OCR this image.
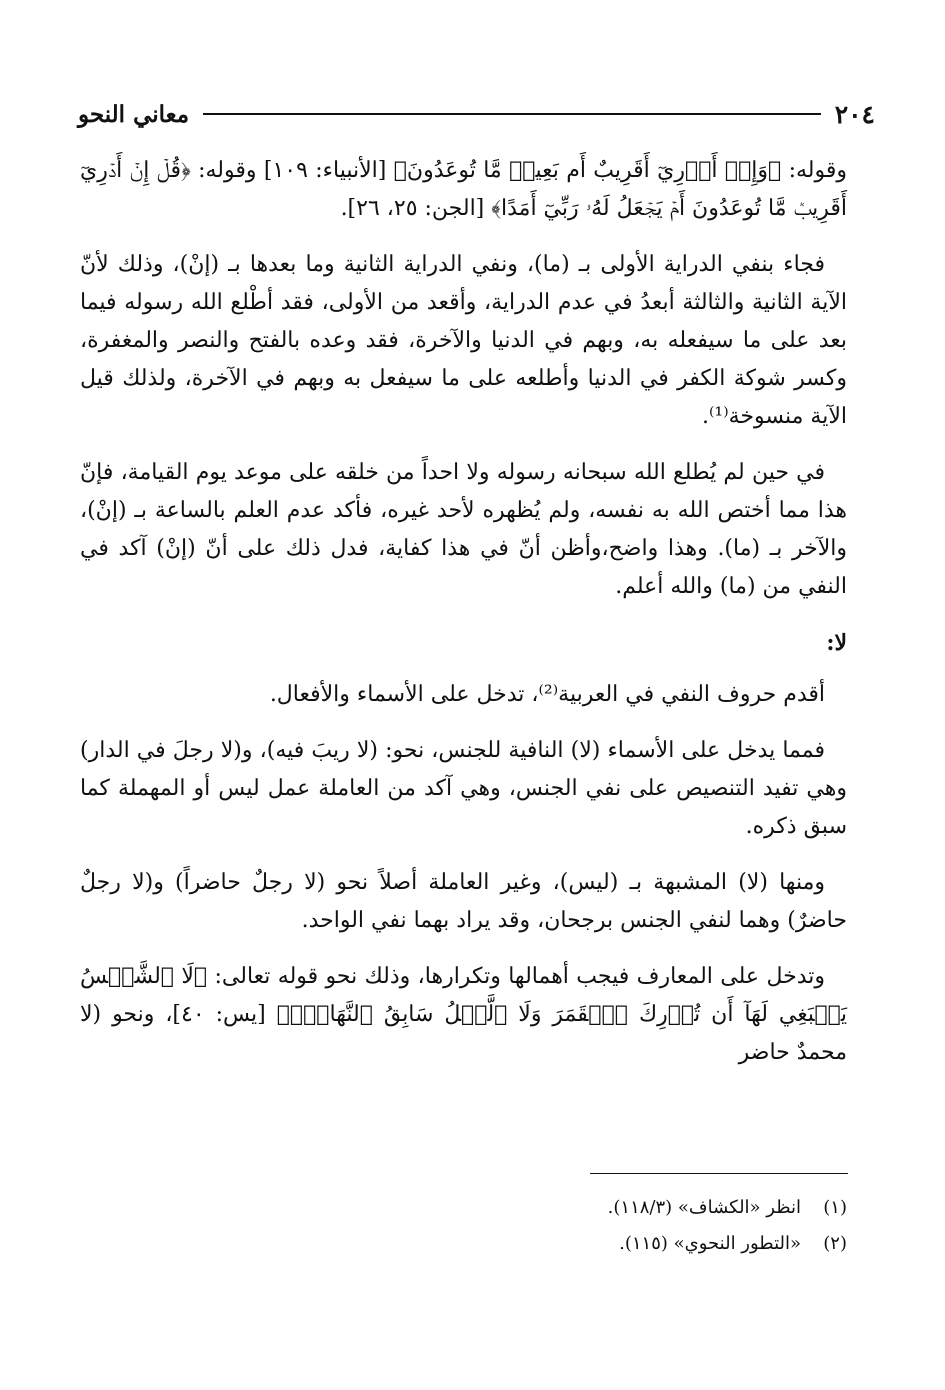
٢٠٤
معاني النحو

وقوله: ﴿وَإِنۡ أَدۡرِيٓ أَقَرِيبٌ أَم بَعِيدٞ مَّا تُوعَدُونَ﴾ [الأنبياء: ١٠٩] وقوله: ﴿قُلۡ إِنۡ أَدۡرِيٓ أَقَرِيبٞ مَّا تُوعَدُونَ أَمۡ يَجۡعَلُ لَهُۥ رَبِّيٓ أَمَدًا﴾ [الجن: ٢٥، ٢٦].

فجاء بنفي الدراية الأولى بـ (ما)، ونفي الدراية الثانية وما بعدها بـ (إنْ)، وذلك لأنّ الآية الثانية والثالثة أبعدُ في عدم الدراية، وأقعد من الأولى، فقد أطْلع الله رسوله فيما بعد على ما سيفعله به، وبهم في الدنيا والآخرة، فقد وعده بالفتح والنصر والمغفرة، وكسر شوكة الكفر في الدنيا وأطلعه على ما سيفعل به وبهم في الآخرة، ولذلك قيل الآية منسوخة⁽¹⁾.

في حين لم يُطلع الله سبحانه رسوله ولا احداً من خلقه على موعد يوم القيامة، فإنّ هذا مما أختص الله به نفسه، ولم يُظهره لأحد غيره، فأكد عدم العلم بالساعة بـ (إنْ)، والآخر بـ (ما). وهذا واضح،وأظن أنّ في هذا كفاية، فدل ذلك على أنّ (إنْ) آكد في النفي من (ما) والله أعلم.

لا:

أقدم حروف النفي في العربية⁽²⁾، تدخل على الأسماء والأفعال.

فمما يدخل على الأسماء (لا) النافية للجنس، نحو: (لا ريبَ فيه)، و(لا رجلَ في الدار) وهي تفيد التنصيص على نفي الجنس، وهي آكد من العاملة عمل ليس أو المهملة كما سبق ذكره.

ومنها (لا) المشبهة بـ (ليس)، وغير العاملة أصلاً نحو (لا رجلٌ حاضراً) و(لا رجلٌ حاضرٌ) وهما لنفي الجنس برجحان، وقد يراد بهما نفي الواحد.

وتدخل على المعارف فيجب أهمالها وتكرارها، وذلك نحو قوله تعالى: ﴿لَا ٱلشَّمۡسُ يَنۢبَغِي لَهَآ أَن تُدۡرِكَ ٱلۡقَمَرَ وَلَا ٱلَّيۡلُ سَابِقُ ٱلنَّهَارِۚ﴾ [يس: ٤٠]، ونحو (لا محمدٌ حاضر

(١)
انظر «الكشاف» (١١٨/٣).
(٢)
«التطور النحوي» (١١٥).
